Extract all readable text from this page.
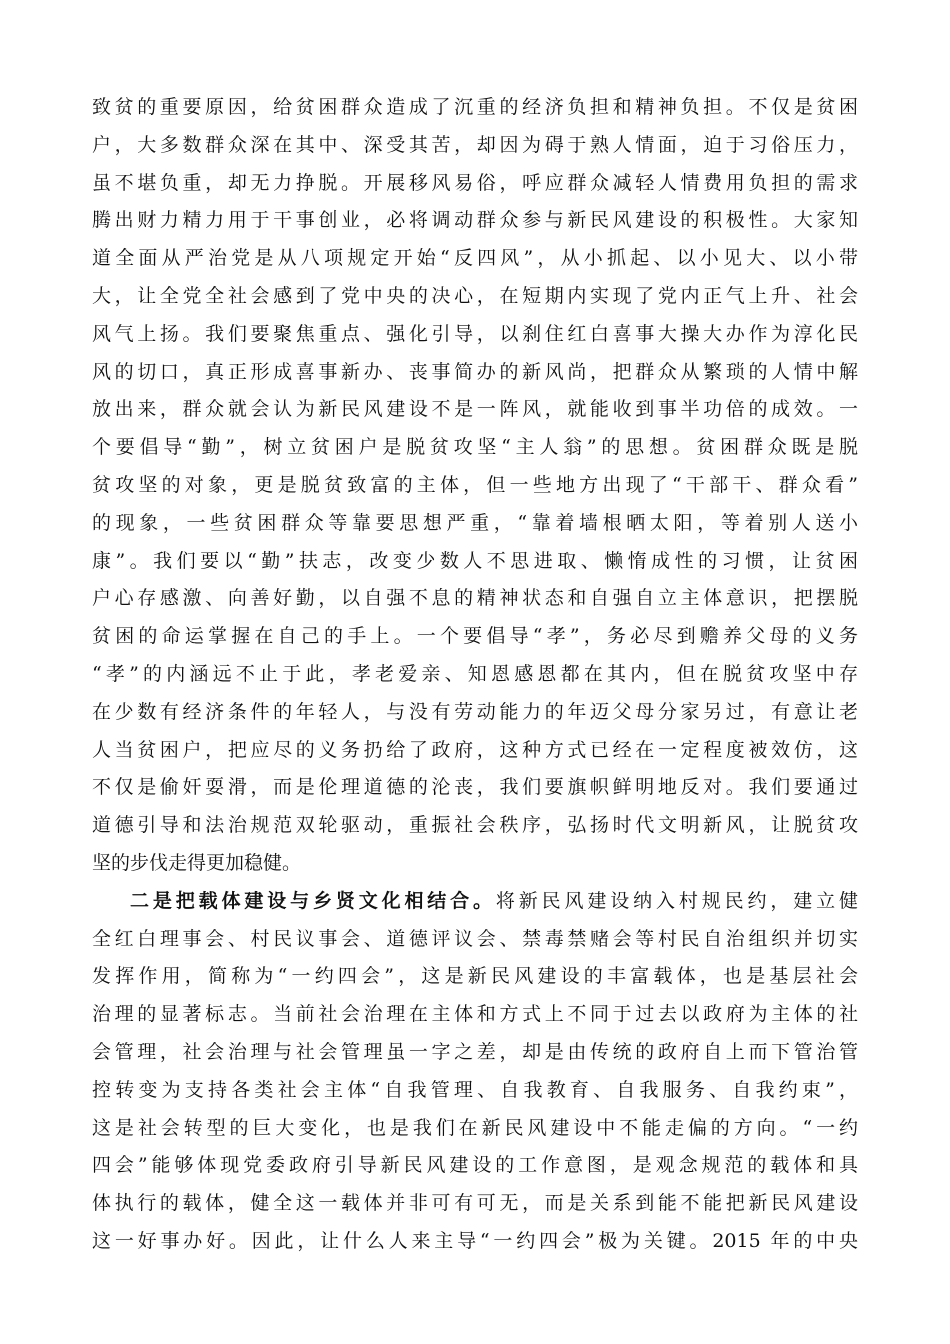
致贫的重要原因，给贫困群众造成了沉重的经济负担和精神负担。不仅是贫困
户，大多数群众深在其中、深受其苦，却因为碍于熟人情面，迫于习俗压力，
虽不堪负重，却无力挣脱。开展移风易俗，呼应群众减轻人情费用负担的需求
腾出财力精力用于干事创业，必将调动群众参与新民风建设的积极性。大家知
道全面从严治党是从八项规定开始“反四风”，从小抓起、以小见大、以小带
大，让全党全社会感到了党中央的决心，在短期内实现了党内正气上升、社会
风气上扬。我们要聚焦重点、强化引导，以刹住红白喜事大操大办作为淳化民
风的切口，真正形成喜事新办、丧事简办的新风尚，把群众从繁琐的人情中解
放出来，群众就会认为新民风建设不是一阵风，就能收到事半功倍的成效。一
个要倡导“勤”，树立贫困户是脱贫攻坚“主人翁”的思想。贫困群众既是脱
贫攻坚的对象，更是脱贫致富的主体，但一些地方出现了“干部干、群众看”
的现象，一些贫困群众等靠要思想严重，“靠着墙根晒太阳，等着别人送小
康”。我们要以“勤”扶志，改变少数人不思进取、懒惰成性的习惯，让贫困
户心存感激、向善好勤，以自强不息的精神状态和自强自立主体意识，把摆脱
贫困的命运掌握在自己的手上。一个要倡导“孝”，务必尽到赡养父母的义务
“孝”的内涵远不止于此，孝老爱亲、知恩感恩都在其内，但在脱贫攻坚中存
在少数有经济条件的年轻人，与没有劳动能力的年迈父母分家另过，有意让老
人当贫困户，把应尽的义务扔给了政府，这种方式已经在一定程度被效仿，这
不仅是偷奸耍滑，而是伦理道德的沦丧，我们要旗帜鲜明地反对。我们要通过
道德引导和法治规范双轮驱动，重振社会秩序，弘扬时代文明新风，让脱贫攻
坚的步伐走得更加稳健。
二是把载体建设与乡贤文化相结合。将新民风建设纳入村规民约，建立健
全红白理事会、村民议事会、道德评议会、禁毒禁赌会等村民自治组织并切实
发挥作用，简称为“一约四会”，这是新民风建设的丰富载体，也是基层社会
治理的显著标志。当前社会治理在主体和方式上不同于过去以政府为主体的社
会管理，社会治理与社会管理虽一字之差，却是由传统的政府自上而下管治管
控转变为支持各类社会主体“自我管理、自我教育、自我服务、自我约束”，
这是社会转型的巨大变化，也是我们在新民风建设中不能走偏的方向。“一约
四会”能够体现党委政府引导新民风建设的工作意图，是观念规范的载体和具
体执行的载体，健全这一载体并非可有可无，而是关系到能不能把新民风建设
这一好事办好。因此，让什么人来主导“一约四会”极为关键。2015 年的中央
